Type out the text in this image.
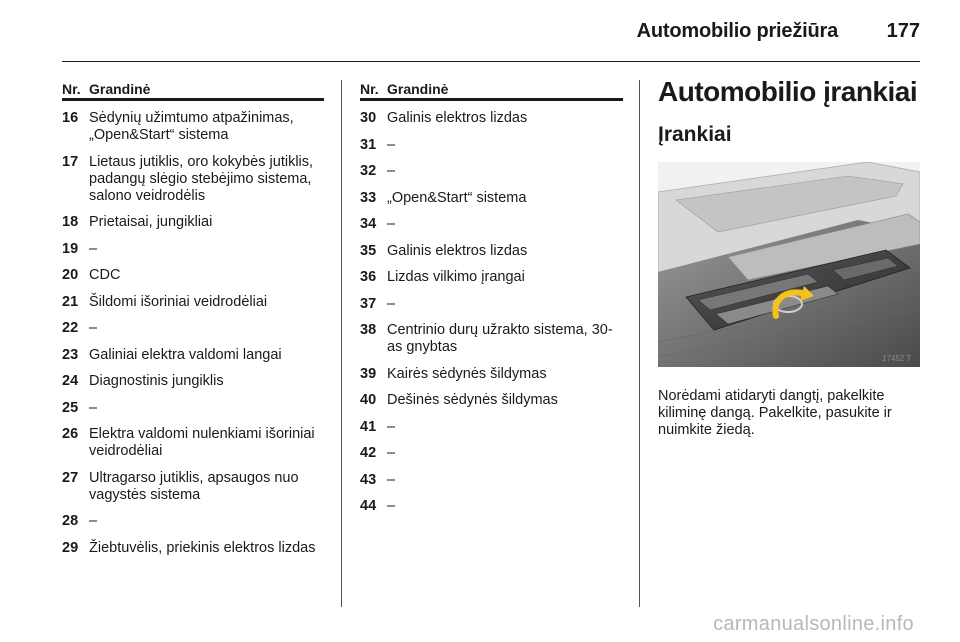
Automobilio priežiūra 177
Nr. Grandinė
16 Sėdynių užimtumo atpažinimas, „Open&Start“ sistema
17 Lietaus jutiklis, oro kokybės jutiklis, padangų slėgio stebėjimo sistema, salono veidrodėlis
18 Prietaisai, jungikliai
19 –
20 CDC
21 Šildomi išoriniai veidrodėliai
22 –
23 Galiniai elektra valdomi langai
24 Diagnostinis jungiklis
25 –
26 Elektra valdomi nulenkiami išoriniai veidrodėliai
27 Ultragarso jutiklis, apsaugos nuo vagystės sistema
28 –
29 Žiebtuvėlis, priekinis elektros lizdas
Nr. Grandinė
30 Galinis elektros lizdas
31 –
32 –
33 „Open&Start“ sistema
34 –
35 Galinis elektros lizdas
36 Lizdas vilkimo įrangai
37 –
38 Centrinio durų užrakto sistema, 30-as gnybtas
39 Kairės sėdynės šildymas
40 Dešinės sėdynės šildymas
41 –
42 –
43 –
44 –
Automobilio įrankiai
Įrankiai
17452 T

Norėdami atidaryti dangtį, pakelkite kiliminę dangą. Pakelkite, pasukite ir nuimkite žiedą.

carmanualsonline.info
